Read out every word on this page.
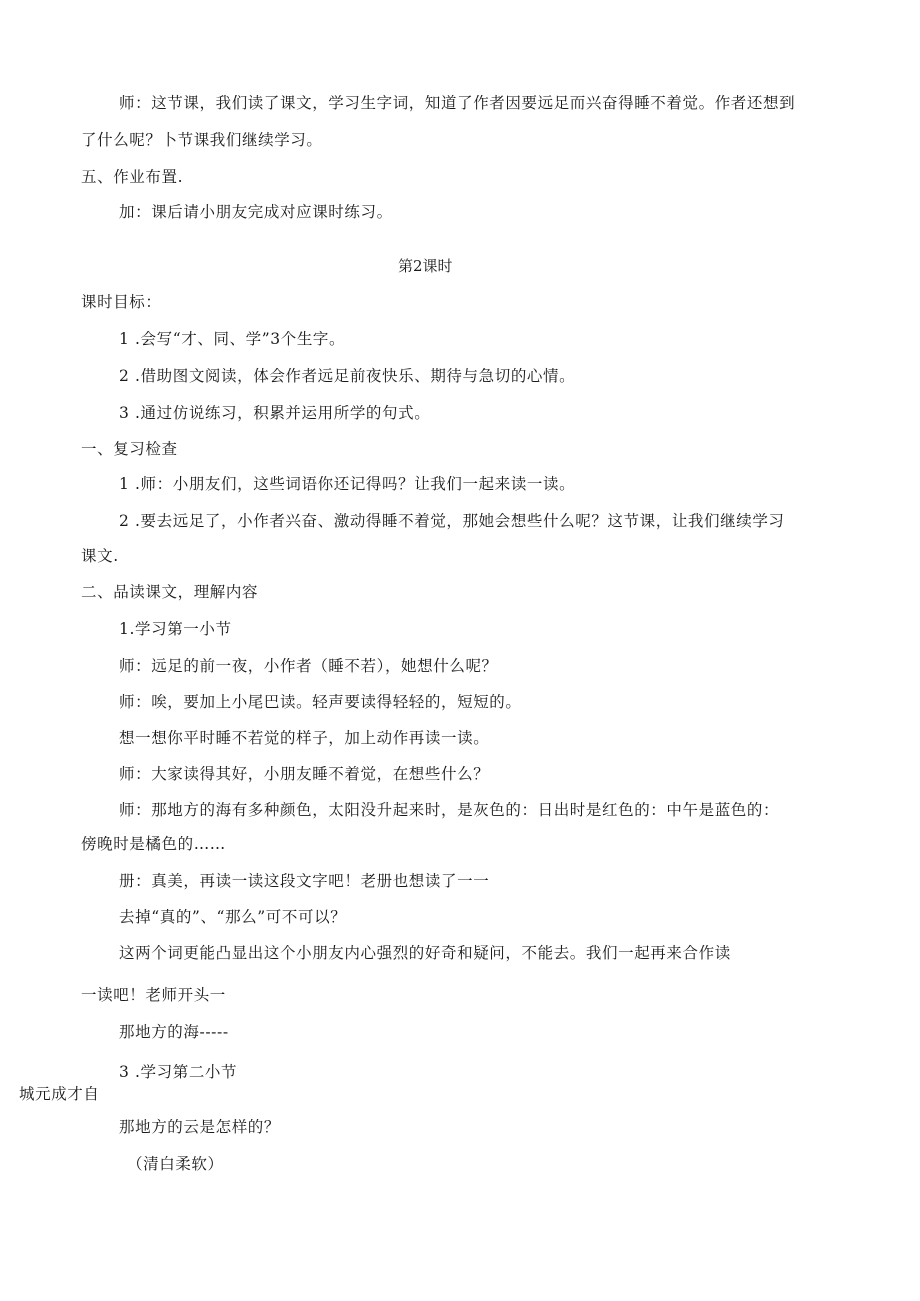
师：这节课，我们读了课文，学习生字词，知道了作者因要远足而兴奋得睡不着觉。作者还想到
了什么呢？卜节课我们继续学习。
五、作业布置.
加：课后请小朋友完成对应课时练习。
第2课时
课时目标：
1 .会写“才、同、学”3个生字。
2 .借助图文阅读，体会作者远足前夜快乐、期待与急切的心情。
3 .通过仿说练习，积累并运用所学的句式。
一、复习检查
1 .师：小朋友们，这些词语你还记得吗？让我们一起来读一读。
2 .要去远足了，小作者兴奋、激动得睡不着觉，那她会想些什么呢？这节课，让我们继续学习
课文.
二、品读课文，理解内容
1.学习第一小节
师：远足的前一夜，小作者（睡不若），她想什么呢？
师：唉，要加上小尾巴读。轻声要读得轻轻的，短短的。
想一想你平时睡不若觉的样子，加上动作再读一读。
师：大家读得其好，小朋友睡不着觉，在想些什么？
师：那地方的海有多种颜色，太阳没升起来时，是灰色的：日出时是红色的：中午是蓝色的：
傍晚时是橘色的……
册：真美，再读一读这段文字吧！老册也想读了一一
去掉“真的”、“那么”可不可以？
这两个词更能凸显出这个小朋友内心强烈的好奇和疑问，不能去。我们一起再来合作读
一读吧！老师开头一
那地方的海-----
3 .学习第二小节
城元成才自
那地方的云是怎样的？
（清白柔软）
